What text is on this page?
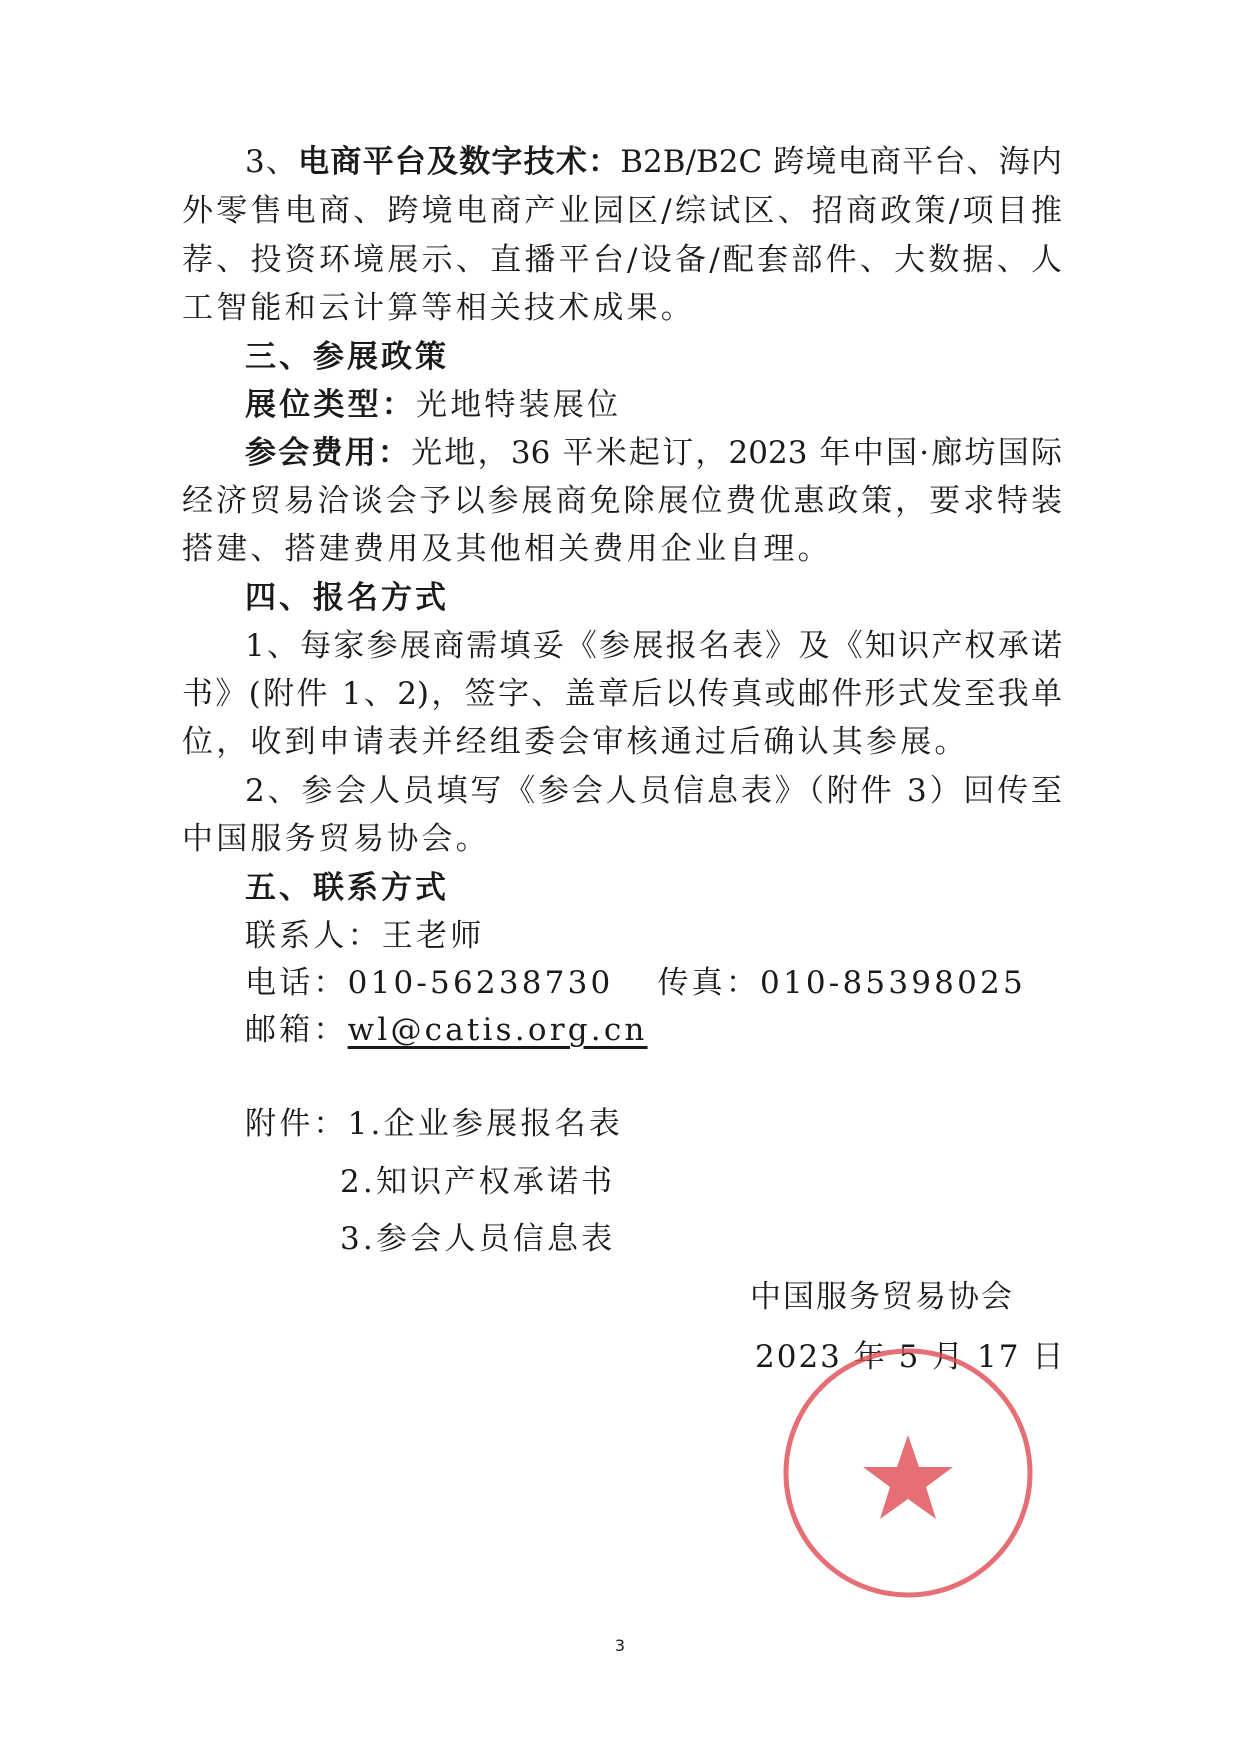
3、电商平台及数字技术：B2B/B2C 跨境电商平台、海内
外零售电商、跨境电商产业园区/综试区、招商政策/项目推
荐、投资环境展示、直播平台/设备/配套部件、大数据、人
工智能和云计算等相关技术成果。
三、参展政策
展位类型：光地特装展位
参会费用：光地，36 平米起订，2023 年中国·廊坊国际
经济贸易洽谈会予以参展商免除展位费优惠政策，要求特装
搭建、搭建费用及其他相关费用企业自理。
四、报名方式
1、每家参展商需填妥《参展报名表》及《知识产权承诺
书》(附件 1、2)，签字、盖章后以传真或邮件形式发至我单
位，收到申请表并经组委会审核通过后确认其参展。
2、参会人员填写《参会人员信息表》（附件 3）回传至
中国服务贸易协会。
五、联系方式
联系人：王老师
电话：010-56238730 传真：010-85398025
邮箱：wl@catis.org.cn
附件：1.企业参展报名表
2.知识产权承诺书
3.参会人员信息表
中国服务贸易协会
2023 年 5 月 17 日
3
